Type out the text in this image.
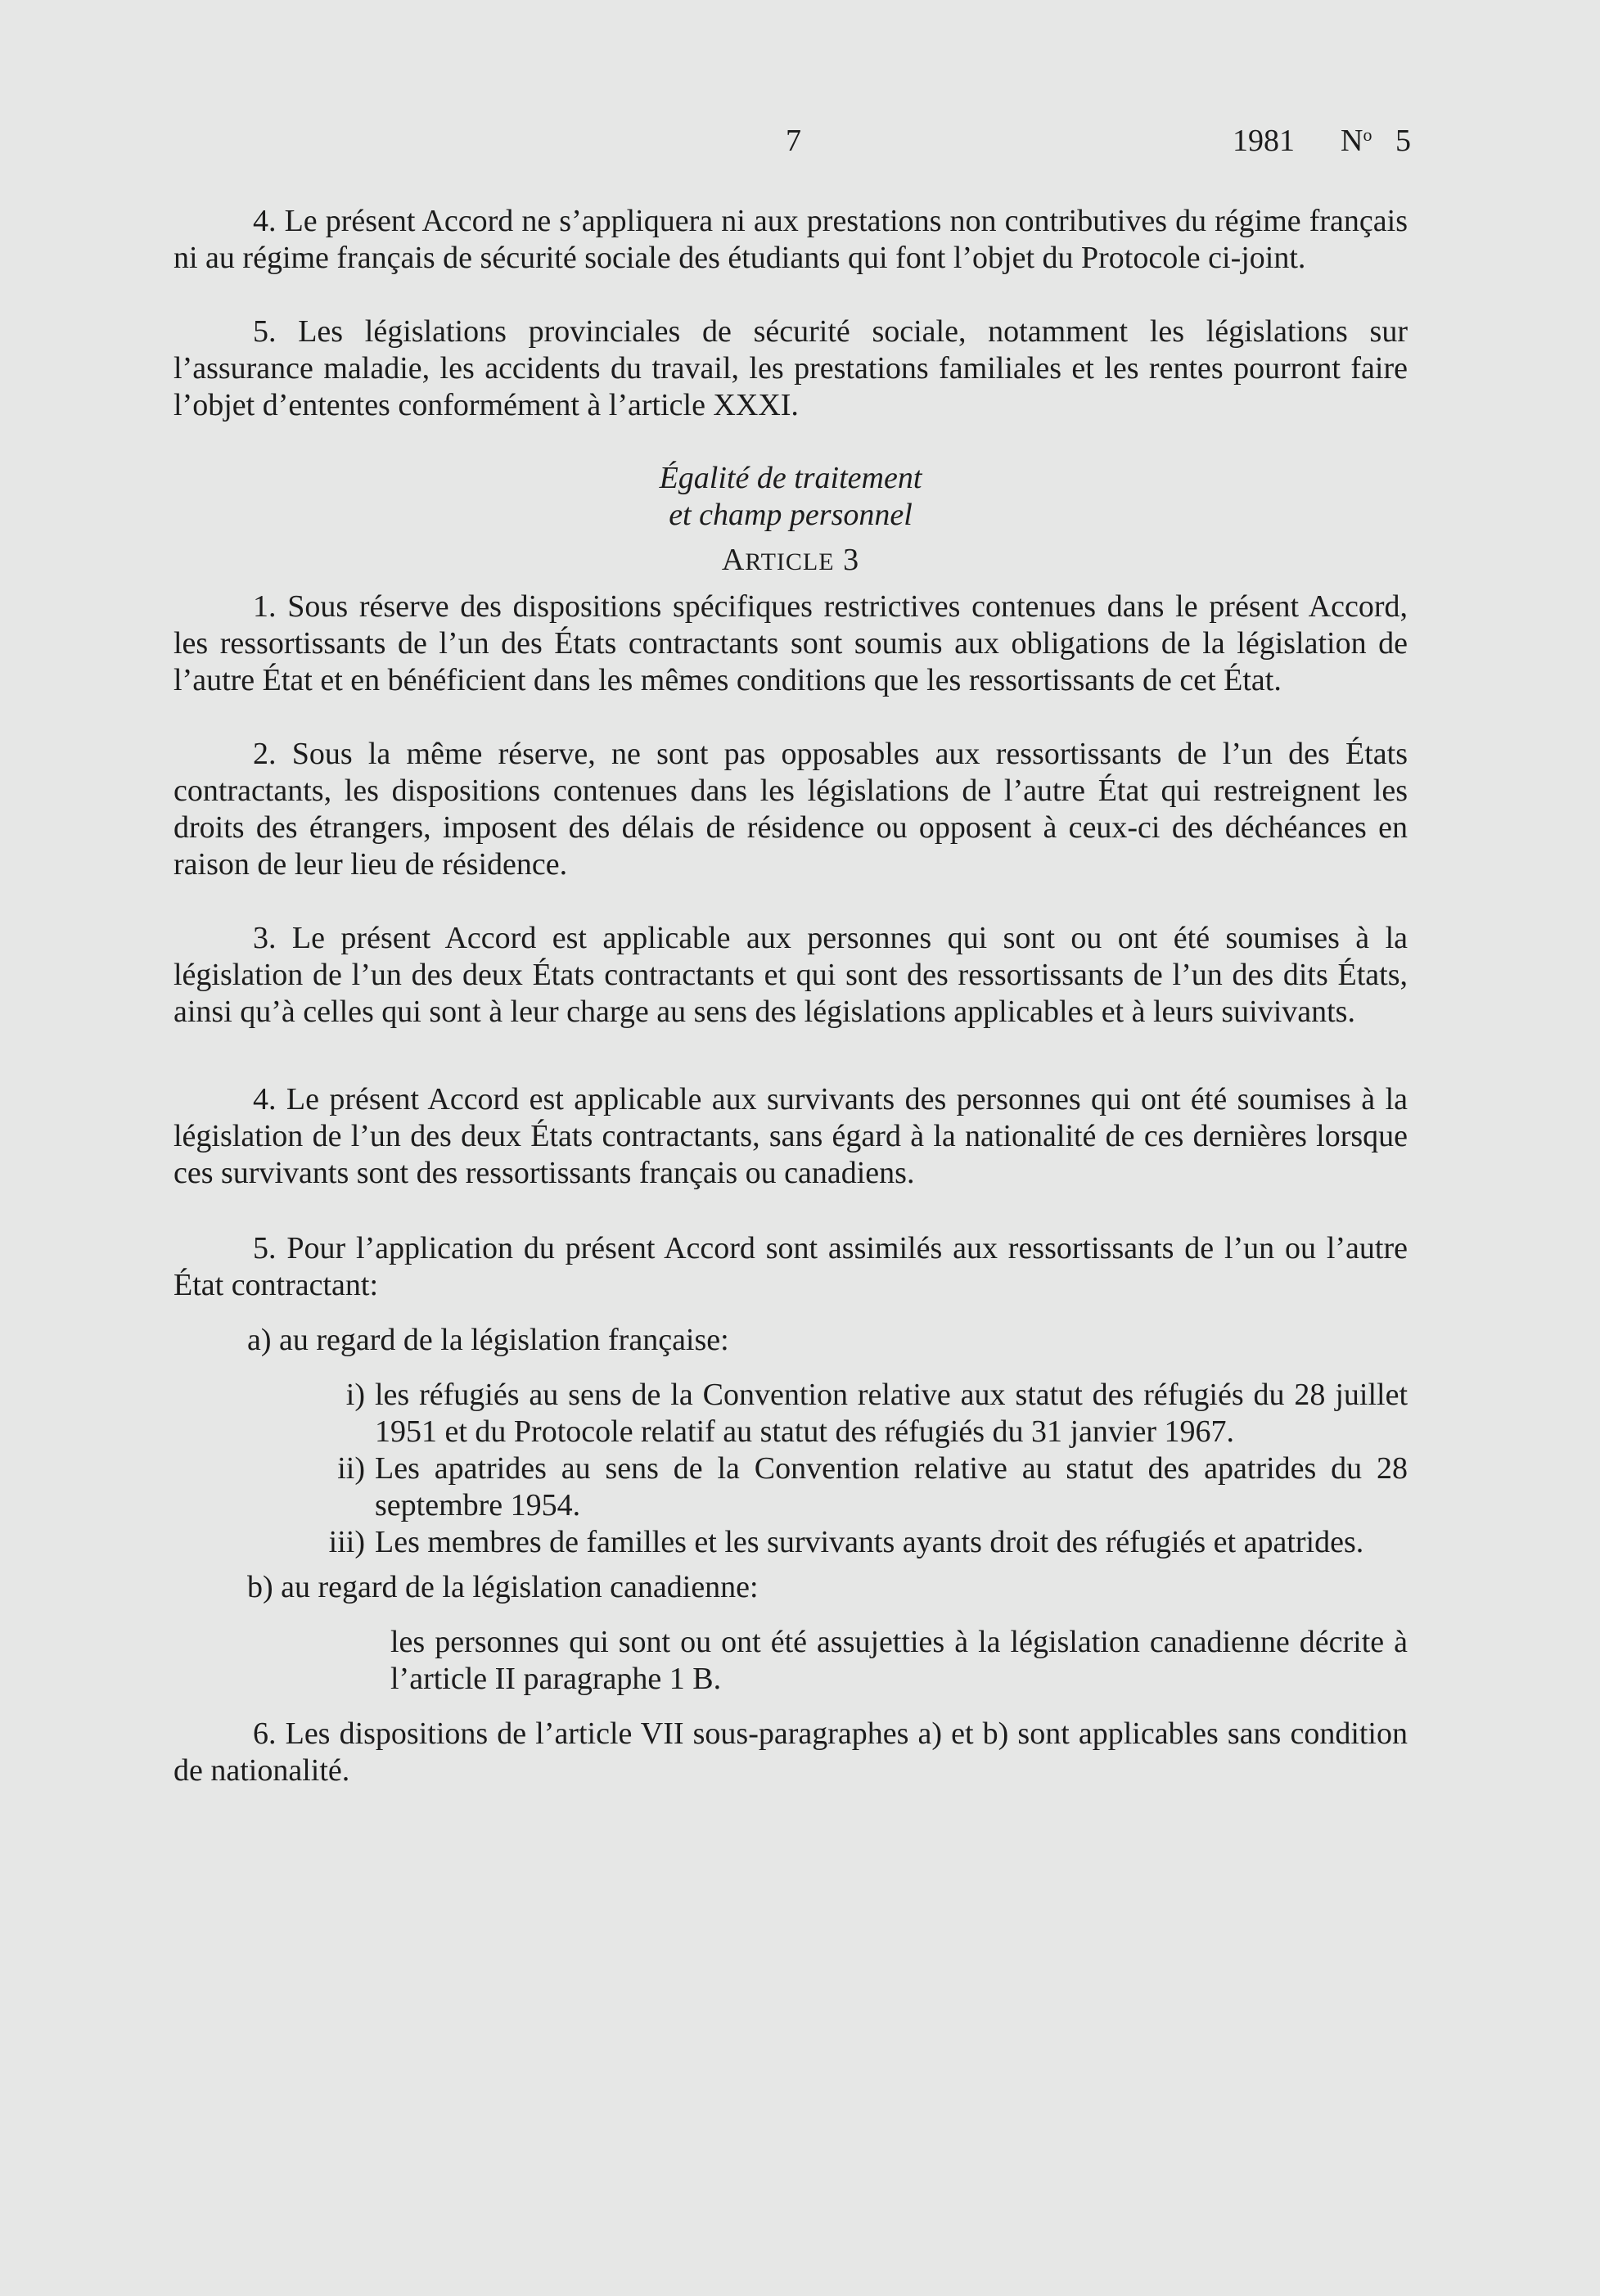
7	1981 $N^o$ 5

4. Le présent Accord ne s’appliquera ni aux prestations non contributives du régime français ni au régime français de sécurité sociale des étudiants qui font l’objet du Protocole ci-joint.

5. Les législations provinciales de sécurité sociale, notamment les législations sur l’assurance maladie, les accidents du travail, les prestations familiales et les rentes pourront faire l’objet d’ententes conformément à l’article XXXI.

Égalité de traitement

et champ personnel

ARTICLE 3

1. Sous réserve des dispositions spécifiques restrictives contenues dans le présent Accord, les ressortissants de l’un des États contractants sont soumis aux obligations de la législation de l’autre État et en bénéficient dans les mêmes conditions que les ressortissants de cet État.

2. Sous la même réserve, ne sont pas opposables aux ressortissants de l’un des États contractants, les dispositions contenues dans les législations de l’autre État qui restreignent les droits des étrangers, imposent des délais de résidence ou opposent à ceux-ci des déchéances en raison de leur lieu de résidence.

3. Le présent Accord est applicable aux personnes qui sont ou ont été soumises à la législation de l’un des deux États contractants et qui sont des ressortissants de l’un des dits États, ainsi qu’à celles qui sont à leur charge au sens des législations applicables et à leurs suivivants.

4. Le présent Accord est applicable aux survivants des personnes qui ont été soumises à la législation de l’un des deux États contractants, sans égard à la nationalité de ces dernières lorsque ces survivants sont des ressortissants français ou canadiens.

5. Pour l’application du présent Accord sont assimilés aux ressortissants de l’un ou l’autre État contractant:

a) au regard de la législation française:

i) les réfugiés au sens de la Convention relative aux statut des réfugiés du 28 juillet 1951 et du Protocole relatif au statut des réfugiés du 31 janvier 1967.
ii) Les apatrides au sens de la Convention relative au statut des apatrides du 28 septembre 1954.
iii) Les membres de familles et les survivants ayants droit des réfugiés et apatrides.

b) au regard de la législation canadienne:

les personnes qui sont ou ont été assujetties à la législation canadienne décrite à l’article II paragraphe 1 B.

6. Les dispositions de l’article VII sous-paragraphes a) et b) sont applicables sans condition de nationalité.
